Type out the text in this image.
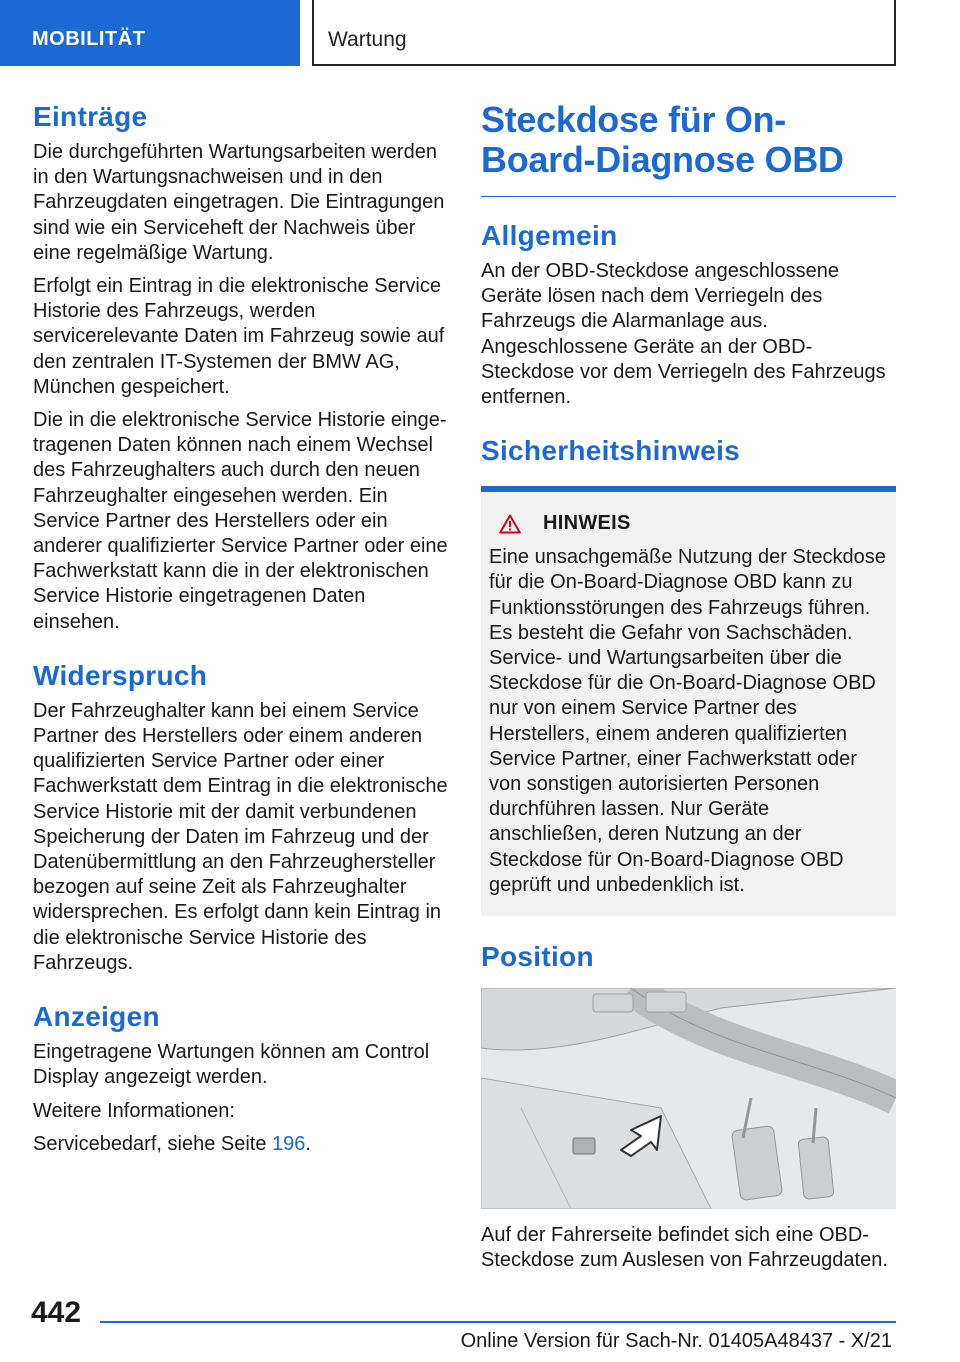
MOBILITÄT	Wartung
Einträge

Die durchgeführten Wartungsarbeiten werden in den Wartungsnachweisen und in den Fahrzeugdaten eingetragen. Die Eintragungen sind wie ein Serviceheft der Nachweis über eine regelmäßige Wartung.

Erfolgt ein Eintrag in die elektronische Service Historie des Fahrzeugs, werden servicerelevante Daten im Fahrzeug sowie auf den zentralen IT-Systemen der BMW AG, München gespeichert.

Die in die elektronische Service Historie eingetragenen Daten können nach einem Wechsel des Fahrzeughalters auch durch den neuen Fahrzeughalter eingesehen werden. Ein Service Partner des Herstellers oder ein anderer qualifizierter Service Partner oder eine Fachwerkstatt kann die in der elektronischen Service Historie eingetragenen Daten einsehen.

Widerspruch

Der Fahrzeughalter kann bei einem Service Partner des Herstellers oder einem anderen qualifizierten Service Partner oder einer Fachwerkstatt dem Eintrag in die elektronische Service Historie mit der damit verbundenen Speicherung der Daten im Fahrzeug und der Datenübermittlung an den Fahrzeughersteller bezogen auf seine Zeit als Fahrzeughalter widersprechen. Es erfolgt dann kein Eintrag in die elektronische Service Historie des Fahrzeugs.

Anzeigen

Eingetragene Wartungen können am Control Display angezeigt werden.

Weitere Informationen:

Servicebedarf, siehe Seite 196.

Steckdose für On-Board-Diagnose OBD
Allgemein

An der OBD-Steckdose angeschlossene Geräte lösen nach dem Verriegeln des Fahrzeugs die Alarmanlage aus. Angeschlossene Geräte an der OBD-Steckdose vor dem Verriegeln des Fahrzeugs entfernen.

Sicherheitshinweis
HINWEIS

Eine unsachgemäße Nutzung der Steckdose für die On-Board-Diagnose OBD kann zu Funktionsstörungen des Fahrzeugs führen. Es besteht die Gefahr von Sachschäden. Service- und Wartungsarbeiten über die Steckdose für die On-Board-Diagnose OBD nur von einem Service Partner des Herstellers, einem anderen qualifizierten Service Partner, einer Fachwerkstatt oder von sonstigen autorisierten Personen durchführen lassen. Nur Geräte anschließen, deren Nutzung an der Steckdose für On-Board-Diagnose OBD geprüft und unbedenklich ist.

Position

Auf der Fahrerseite befindet sich eine OBD-Steckdose zum Auslesen von Fahrzeugdaten.

442
Online Version für Sach-Nr. 01405A48437 - X/21
